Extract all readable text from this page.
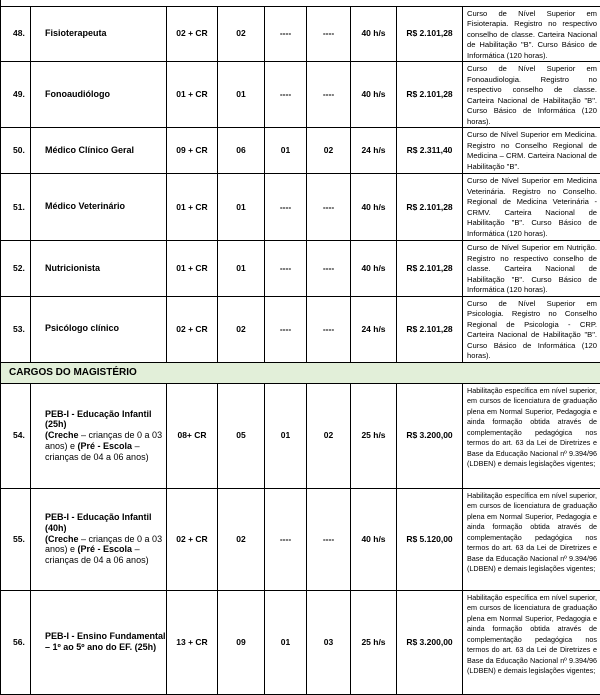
48.	Fisioterapeuta	02 + CR	02	----	----	40 h/s	R$ 2.101,28	Curso de Nível Superior em Fisioterapia. Registro no respectivo conselho de classe. Carteira Nacional de Habilitação "B". Curso Básico de Informática (120 horas).
49.	Fonoaudiólogo	01 + CR	01	----	----	40 h/s	R$ 2.101,28	Curso de Nível Superior em Fonoaudiologia. Registro no respectivo conselho de classe. Carteira Nacional de Habilitação "B". Curso Básico de Informática (120 horas).
50.	Médico Clínico Geral	09 + CR	06	01	02	24 h/s	R$ 2.311,40	Curso de Nível Superior em Medicina. Registro no Conselho Regional de Medicina – CRM. Carteira Nacional de Habilitação "B".
51.	Médico Veterinário	01 + CR	01	----	----	40 h/s	R$ 2.101,28	Curso de Nível Superior em Medicina Veterinária. Registro no Conselho. Regional de Medicina Veterinária - CRMV. Carteira Nacional de Habilitação "B". Curso Básico de Informática (120 horas).
52.	Nutricionista	01 + CR	01	----	----	40 h/s	R$ 2.101,28	Curso de Nível Superior em Nutrição. Registro no respectivo conselho de classe. Carteira Nacional de Habilitação "B". Curso Básico de Informática (120 horas).
53.	Psicólogo clínico	02 + CR	02	----	----	24 h/s	R$ 2.101,28	Curso de Nível Superior em Psicologia. Registro no Conselho Regional de Psicologia - CRP. Carteira Nacional de Habilitação "B". Curso Básico de Informática (120 horas).
CARGOS DO MAGISTÉRIO								
54.	PEB-I - Educação Infantil (25h)
(Creche – crianças de 0 a 03 anos) e (Pré - Escola – crianças de 04 a 06 anos)	08+ CR	05	01	02	25 h/s	R$ 3.200,00	Habilitação específica em nível superior, em cursos de licenciatura de graduação plena em Normal Superior, Pedagogia e ainda formação obtida através de complementação pedagógica nos termos do art. 63 da Lei de Diretrizes e Base da Educação Nacional nº 9.394/96 (LDBEN) e demais legislações vigentes;
55.	PEB-I - Educação Infantil (40h)
(Creche – crianças de 0 a 03 anos) e (Pré - Escola – crianças de 04 a 06 anos)	02 + CR	02	----	----	40 h/s	R$ 5.120,00	Habilitação específica em nível superior, em cursos de licenciatura de graduação plena em Normal Superior, Pedagogia e ainda formação obtida através de complementação pedagógica nos termos do art. 63 da Lei de Diretrizes e Base da Educação Nacional nº 9.394/96 (LDBEN) e demais legislações vigentes;
56.	PEB-I - Ensino Fundamental – 1º ao 5º ano do EF. (25h)	13 + CR	09	01	03	25 h/s	R$ 3.200,00	Habilitação específica em nível superior, em cursos de licenciatura de graduação plena em Normal Superior, Pedagogia e ainda formação obtida através de complementação pedagógica nos termos do art. 63 da Lei de Diretrizes e Base da Educação Nacional nº 9.394/96 (LDBEN) e demais legislações vigentes;
